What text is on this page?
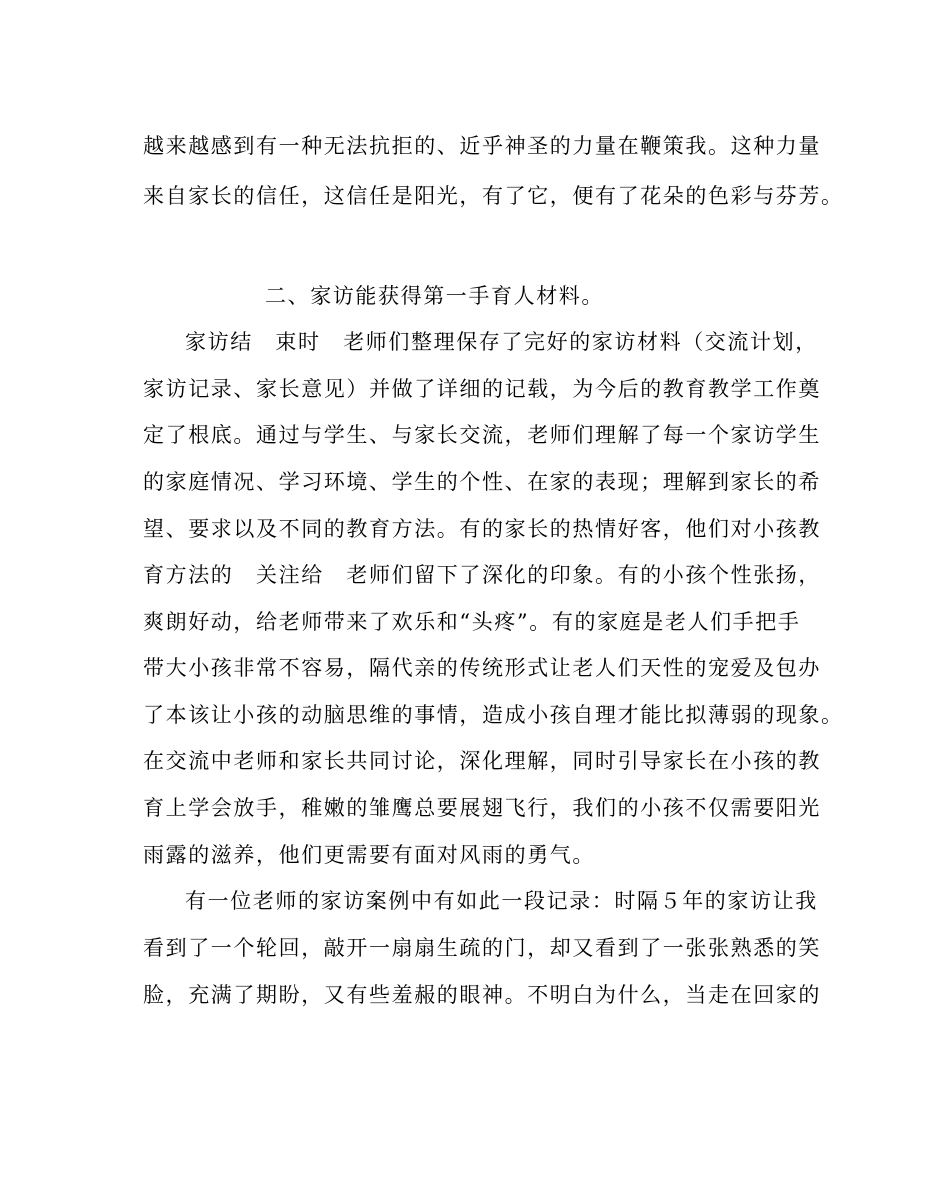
越来越感到有一种无法抗拒的、近乎神圣的力量在鞭策我。这种力量
来自家长的信任，这信任是阳光，有了它，便有了花朵的色彩与芬芳。
二、家访能获得第一手育人材料。
家访结　束时　老师们整理保存了完好的家访材料（交流计划，
家访记录、家长意见）并做了详细的记载，为今后的教育教学工作奠
定了根底。通过与学生、与家长交流，老师们理解了每一个家访学生
的家庭情况、学习环境、学生的个性、在家的表现；理解到家长的希
望、要求以及不同的教育方法。有的家长的热情好客，他们对小孩教
育方法的　关注给　老师们留下了深化的印象。有的小孩个性张扬，
爽朗好动，给老师带来了欢乐和“头疼”。有的家庭是老人们手把手
带大小孩非常不容易，隔代亲的传统形式让老人们天性的宠爱及包办
了本该让小孩的动脑思维的事情，造成小孩自理才能比拟薄弱的现象。
在交流中老师和家长共同讨论，深化理解，同时引导家长在小孩的教
育上学会放手，稚嫩的雏鹰总要展翅飞行，我们的小孩不仅需要阳光
雨露的滋养，他们更需要有面对风雨的勇气。
有一位老师的家访案例中有如此一段记录：时隔５年的家访让我
看到了一个轮回，敲开一扇扇生疏的门，却又看到了一张张熟悉的笑
脸，充满了期盼，又有些羞赧的眼神。不明白为什么，当走在回家的
